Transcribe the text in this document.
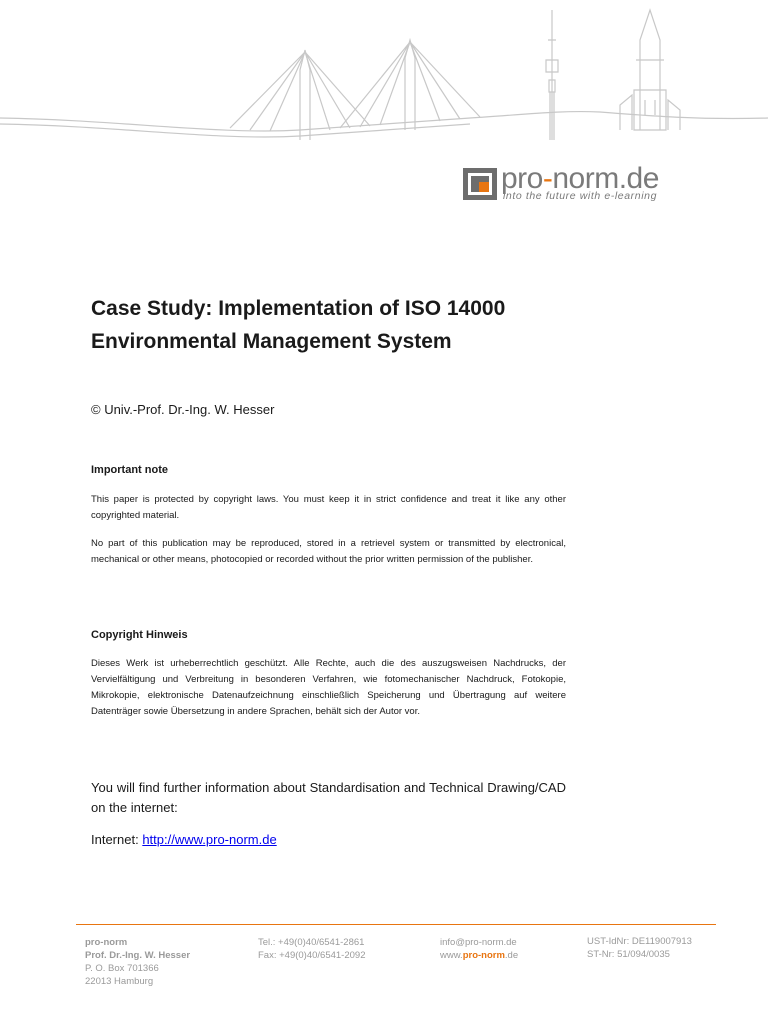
pro-norm.de
into the future with e-learning
Case Study: Implementation of ISO 14000
Environmental Management System
© Univ.-Prof. Dr.-Ing. W. Hesser
Important note
This paper is protected by copyright laws. You must keep it in strict confidence and treat it like any other copyrighted material.
No part of this publication may be reproduced, stored in a retrievel system or transmitted by electronical, mechanical or other means, photocopied or recorded without the prior written permission of the publisher.
Copyright Hinweis
Dieses Werk ist urheberrechtlich geschützt. Alle Rechte, auch die des auszugsweisen Nachdrucks, der Vervielfältigung und Verbreitung in besonderen Verfahren, wie fotomechanischer Nachdruck, Fotokopie, Mikrokopie, elektronische Datenaufzeichnung einschließlich Speicherung und Übertragung auf weitere Datenträger sowie Übersetzung in andere Sprachen, behält sich der Autor vor.
You will find further information about Standardisation and Technical Drawing/CAD on the internet:
Internet: http://www.pro-norm.de
pro-norm
Prof. Dr.-Ing. W. Hesser
P. O. Box 701366
22013 Hamburg
Tel.: +49(0)40/6541-2861
Fax: +49(0)40/6541-2092
info@pro-norm.de
www.pro-norm.de
UST-IdNr: DE119007913
ST-Nr: 51/094/0035
